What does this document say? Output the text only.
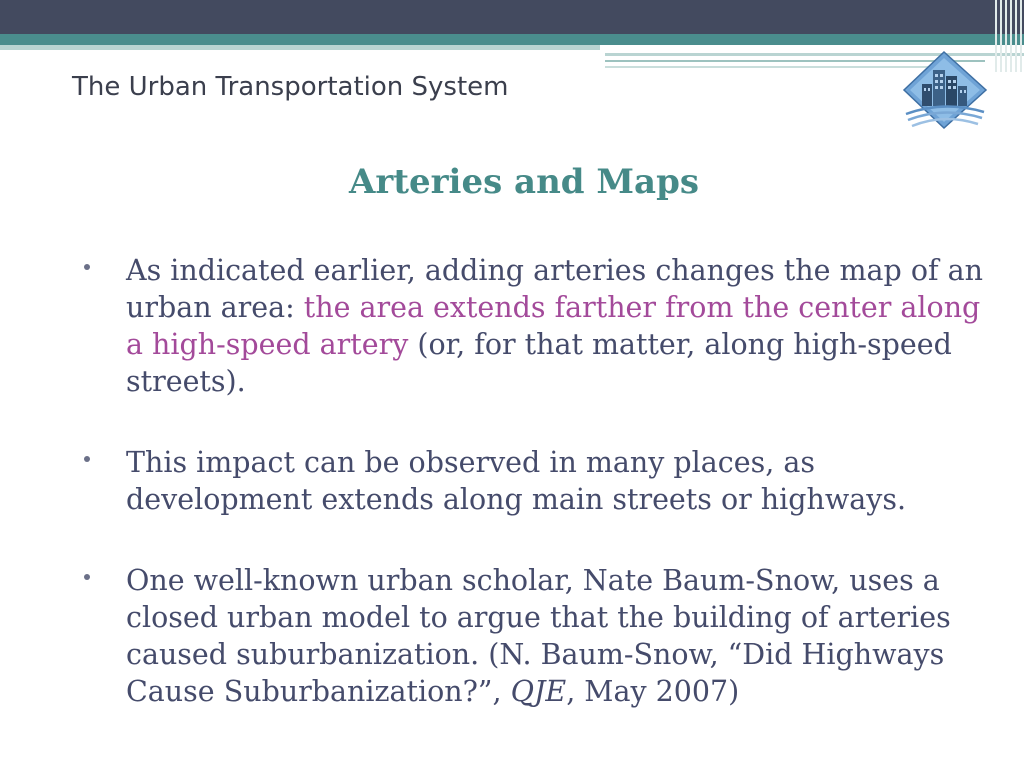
The Urban Transportation System
Arteries and Maps
As indicated earlier, adding arteries changes the map of an urban area: the area extends farther from the center along a high-speed artery (or, for that matter, along high-speed streets).
This impact can be observed in many places, as development extends along main streets or highways.
One well-known urban scholar, Nate Baum-Snow, uses a closed urban model to argue that the building of arteries caused suburbanization. (N. Baum-Snow, “Did Highways Cause Suburbanization?”, QJE, May 2007)
